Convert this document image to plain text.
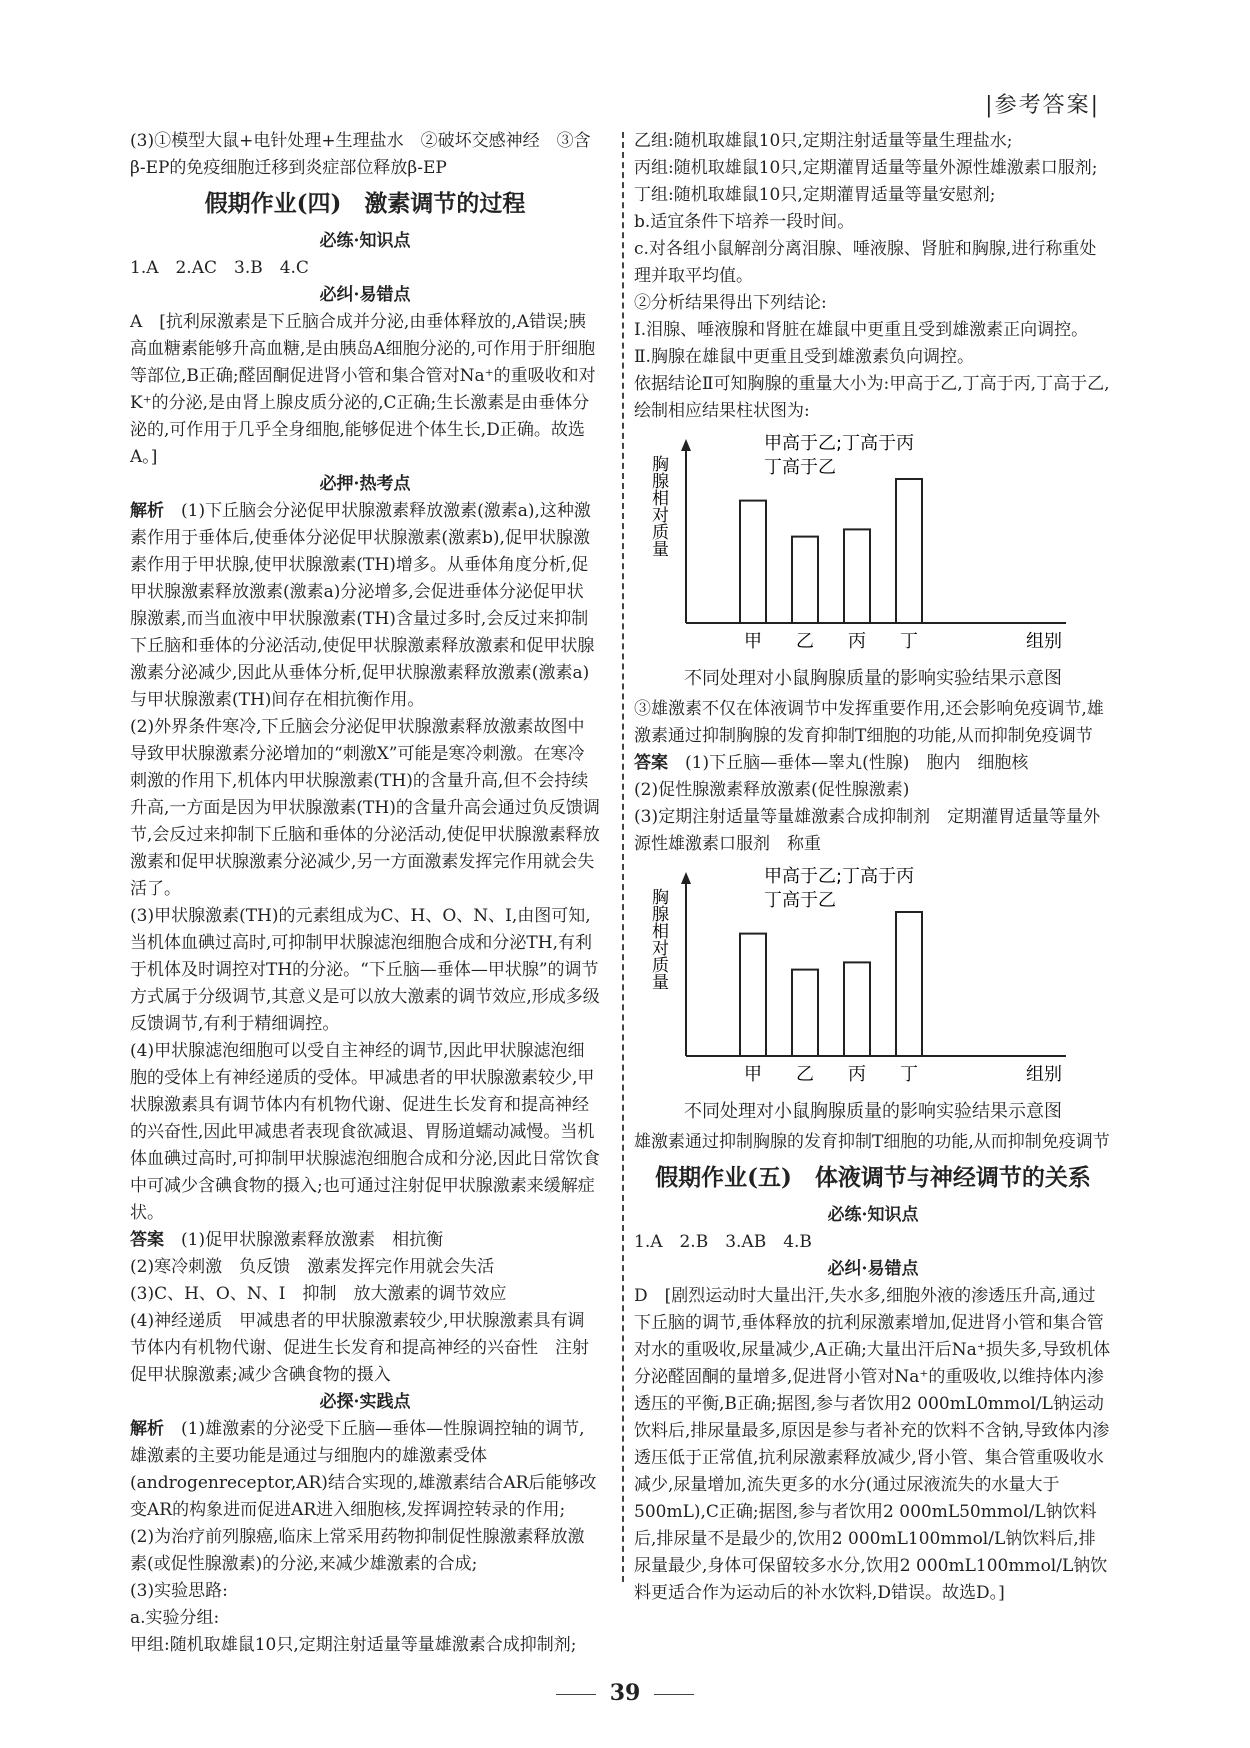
|参考答案|

(3)①模型大鼠+电针处理+生理盐水　②破坏交感神经　③含β-EP的免疫细胞迁移到炎症部位释放β-EP

假期作业(四)　激素调节的过程
必练·知识点

1.A　2.AC　3.B　4.C

必纠·易错点

A　[抗利尿激素是下丘脑合成并分泌,由垂体释放的,A错误;胰高血糖素能够升高血糖,是由胰岛A细胞分泌的,可作用于肝细胞等部位,B正确;醛固酮促进肾小管和集合管对Na⁺的重吸收和对K⁺的分泌,是由肾上腺皮质分泌的,C正确;生长激素是由垂体分泌的,可作用于几乎全身细胞,能够促进个体生长,D正确。故选A。]

必押·热考点

解析　 (1)下丘脑会分泌促甲状腺激素释放激素(激素a),这种激素作用于垂体后,使垂体分泌促甲状腺激素(激素b),促甲状腺激素作用于甲状腺,使甲状腺激素(TH)增多。从垂体角度分析,促甲状腺激素释放激素(激素a)分泌增多,会促进垂体分泌促甲状腺激素,而当血液中甲状腺激素(TH)含量过多时,会反过来抑制下丘脑和垂体的分泌活动,使促甲状腺激素释放激素和促甲状腺激素分泌减少,因此从垂体分析,促甲状腺激素释放激素(激素a)与甲状腺激素(TH)间存在相抗衡作用。

(2)外界条件寒冷,下丘脑会分泌促甲状腺激素释放激素故图中导致甲状腺激素分泌增加的“刺激X”可能是寒冷刺激。在寒冷刺激的作用下,机体内甲状腺激素(TH)的含量升高,但不会持续升高,一方面是因为甲状腺激素(TH)的含量升高会通过负反馈调节,会反过来抑制下丘脑和垂体的分泌活动,使促甲状腺激素释放激素和促甲状腺激素分泌减少,另一方面激素发挥完作用就会失活了。

(3)甲状腺激素(TH)的元素组成为C、H、O、N、I,由图可知,当机体血碘过高时,可抑制甲状腺滤泡细胞合成和分泌TH,有利于机体及时调控对TH的分泌。“下丘脑—垂体—甲状腺”的调节方式属于分级调节,其意义是可以放大激素的调节效应,形成多级反馈调节,有利于精细调控。

(4)甲状腺滤泡细胞可以受自主神经的调节,因此甲状腺滤泡细胞的受体上有神经递质的受体。甲减患者的甲状腺激素较少,甲状腺激素具有调节体内有机物代谢、促进生长发育和提高神经的兴奋性,因此甲减患者表现食欲减退、胃肠道蠕动减慢。当机体血碘过高时,可抑制甲状腺滤泡细胞合成和分泌,因此日常饮食中可减少含碘食物的摄入;也可通过注射促甲状腺激素来缓解症状。

答案　 (1)促甲状腺激素释放激素　相抗衡

(2)寒冷刺激　负反馈　激素发挥完作用就会失活

(3)C、H、O、N、I　抑制　放大激素的调节效应

(4)神经递质　甲减患者的甲状腺激素较少,甲状腺激素具有调节体内有机物代谢、促进生长发育和提高神经的兴奋性　注射促甲状腺激素;减少含碘食物的摄入

必探·实践点

解析　 (1)雄激素的分泌受下丘脑—垂体—性腺调控轴的调节,雄激素的主要功能是通过与细胞内的雄激素受体(androgenreceptor,AR)结合实现的,雄激素结合AR后能够改变AR的构象进而促进AR进入细胞核,发挥调控转录的作用;

(2)为治疗前列腺癌,临床上常采用药物抑制促性腺激素释放激素(或促性腺激素)的分泌,来减少雄激素的合成;

(3)实验思路:

a.实验分组:

甲组:随机取雄鼠10只,定期注射适量等量雄激素合成抑制剂;

乙组:随机取雄鼠10只,定期注射适量等量生理盐水;

丙组:随机取雄鼠10只,定期灌胃适量等量外源性雄激素口服剂;

丁组:随机取雄鼠10只,定期灌胃适量等量安慰剂;

b.适宜条件下培养一段时间。

c.对各组小鼠解剖分离泪腺、唾液腺、肾脏和胸腺,进行称重处理并取平均值。

②分析结果得出下列结论:

Ⅰ.泪腺、唾液腺和肾脏在雄鼠中更重且受到雄激素正向调控。

Ⅱ.胸腺在雄鼠中更重且受到雄激素负向调控。

依据结论Ⅱ可知胸腺的重量大小为:甲高于乙,丁高于丙,丁高于乙,绘制相应结果柱状图为:

胸腺相对质量
甲高于乙;丁高于丙
丁高于乙
甲 乙 丙 丁	组别
不同处理对小鼠胸腺质量的影响实验结果示意图

③雄激素不仅在体液调节中发挥重要作用,还会影响免疫调节,雄激素通过抑制胸腺的发育抑制T细胞的功能,从而抑制免疫调节

答案　 (1)下丘脑—垂体—睾丸(性腺)　胞内　细胞核

(2)促性腺激素释放激素(促性腺激素)

(3)定期注射适量等量雄激素合成抑制剂　定期灌胃适量等量外源性雄激素口服剂　称重

胸腺相对质量
甲高于乙;丁高于丙
丁高于乙
甲 乙 丙 丁	组别
不同处理对小鼠胸腺质量的影响实验结果示意图

雄激素通过抑制胸腺的发育抑制T细胞的功能,从而抑制免疫调节

假期作业(五)　体液调节与神经调节的关系
必练·知识点

1.A　2.B　3.AB　4.B

必纠·易错点

D　[剧烈运动时大量出汗,失水多,细胞外液的渗透压升高,通过下丘脑的调节,垂体释放的抗利尿激素增加,促进肾小管和集合管对水的重吸收,尿量减少,A正确;大量出汗后Na⁺损失多,导致机体分泌醛固酮的量增多,促进肾小管对Na⁺的重吸收,以维持体内渗透压的平衡,B正确;据图,参与者饮用2 000mL0mmol/L钠运动饮料后,排尿量最多,原因是参与者补充的饮料不含钠,导致体内渗透压低于正常值,抗利尿激素释放减少,肾小管、集合管重吸收水减少,尿量增加,流失更多的水分(通过尿液流失的水量大于500mL),C正确;据图,参与者饮用2 000mL50mmol/L钠饮料后,排尿量不是最少的,饮用2 000mL100mmol/L钠饮料后,排尿量最少,身体可保留较多水分,饮用2 000mL100mmol/L钠饮料更适合作为运动后的补水饮料,D错误。故选D。]

39
